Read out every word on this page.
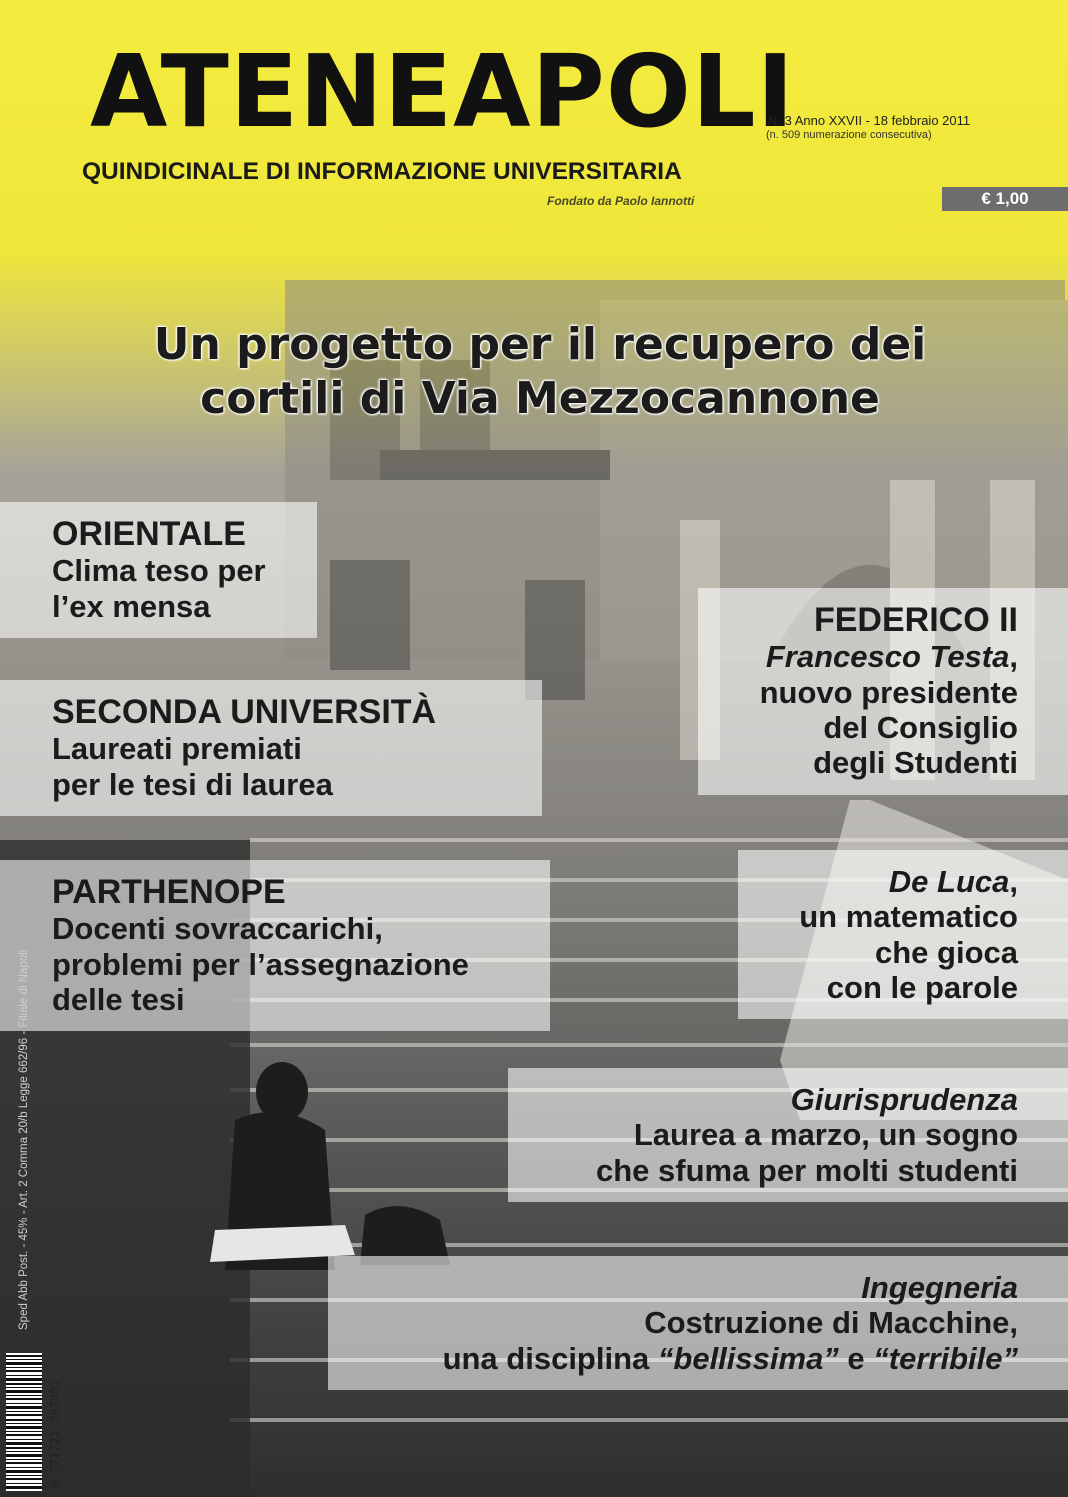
ATENEAPOLI
QUINDICINALE DI INFORMAZIONE UNIVERSITARIA
Fondato da Paolo Iannotti
N. 3 Anno XXVII - 18 febbraio 2011
(n. 509 numerazione consecutiva)
€ 1,00
Un progetto per il recupero dei
cortili di Via Mezzocannone
ORIENTALE
Clima teso per
l’ex mensa
SECONDA UNIVERSITÀ
Laureati premiati
per le tesi di laurea
PARTHENOPE
Docenti sovraccarichi,
problemi per l’assegnazione
delle tesi
FEDERICO II
Francesco Testa,
nuovo presidente
del Consiglio
degli Studenti
De Luca,
un matematico
che gioca
con le parole
Giurisprudenza
Laurea a marzo, un sogno
che sfuma per molti studenti
Ingegneria
Costruzione di Macchine,
una disciplina “bellissima” e “terribile”
Sped Abb Post. - 45% - Art. 2 Comma 20/b Legge 662/96 - Filiale di Napoli
9 771721 397007
